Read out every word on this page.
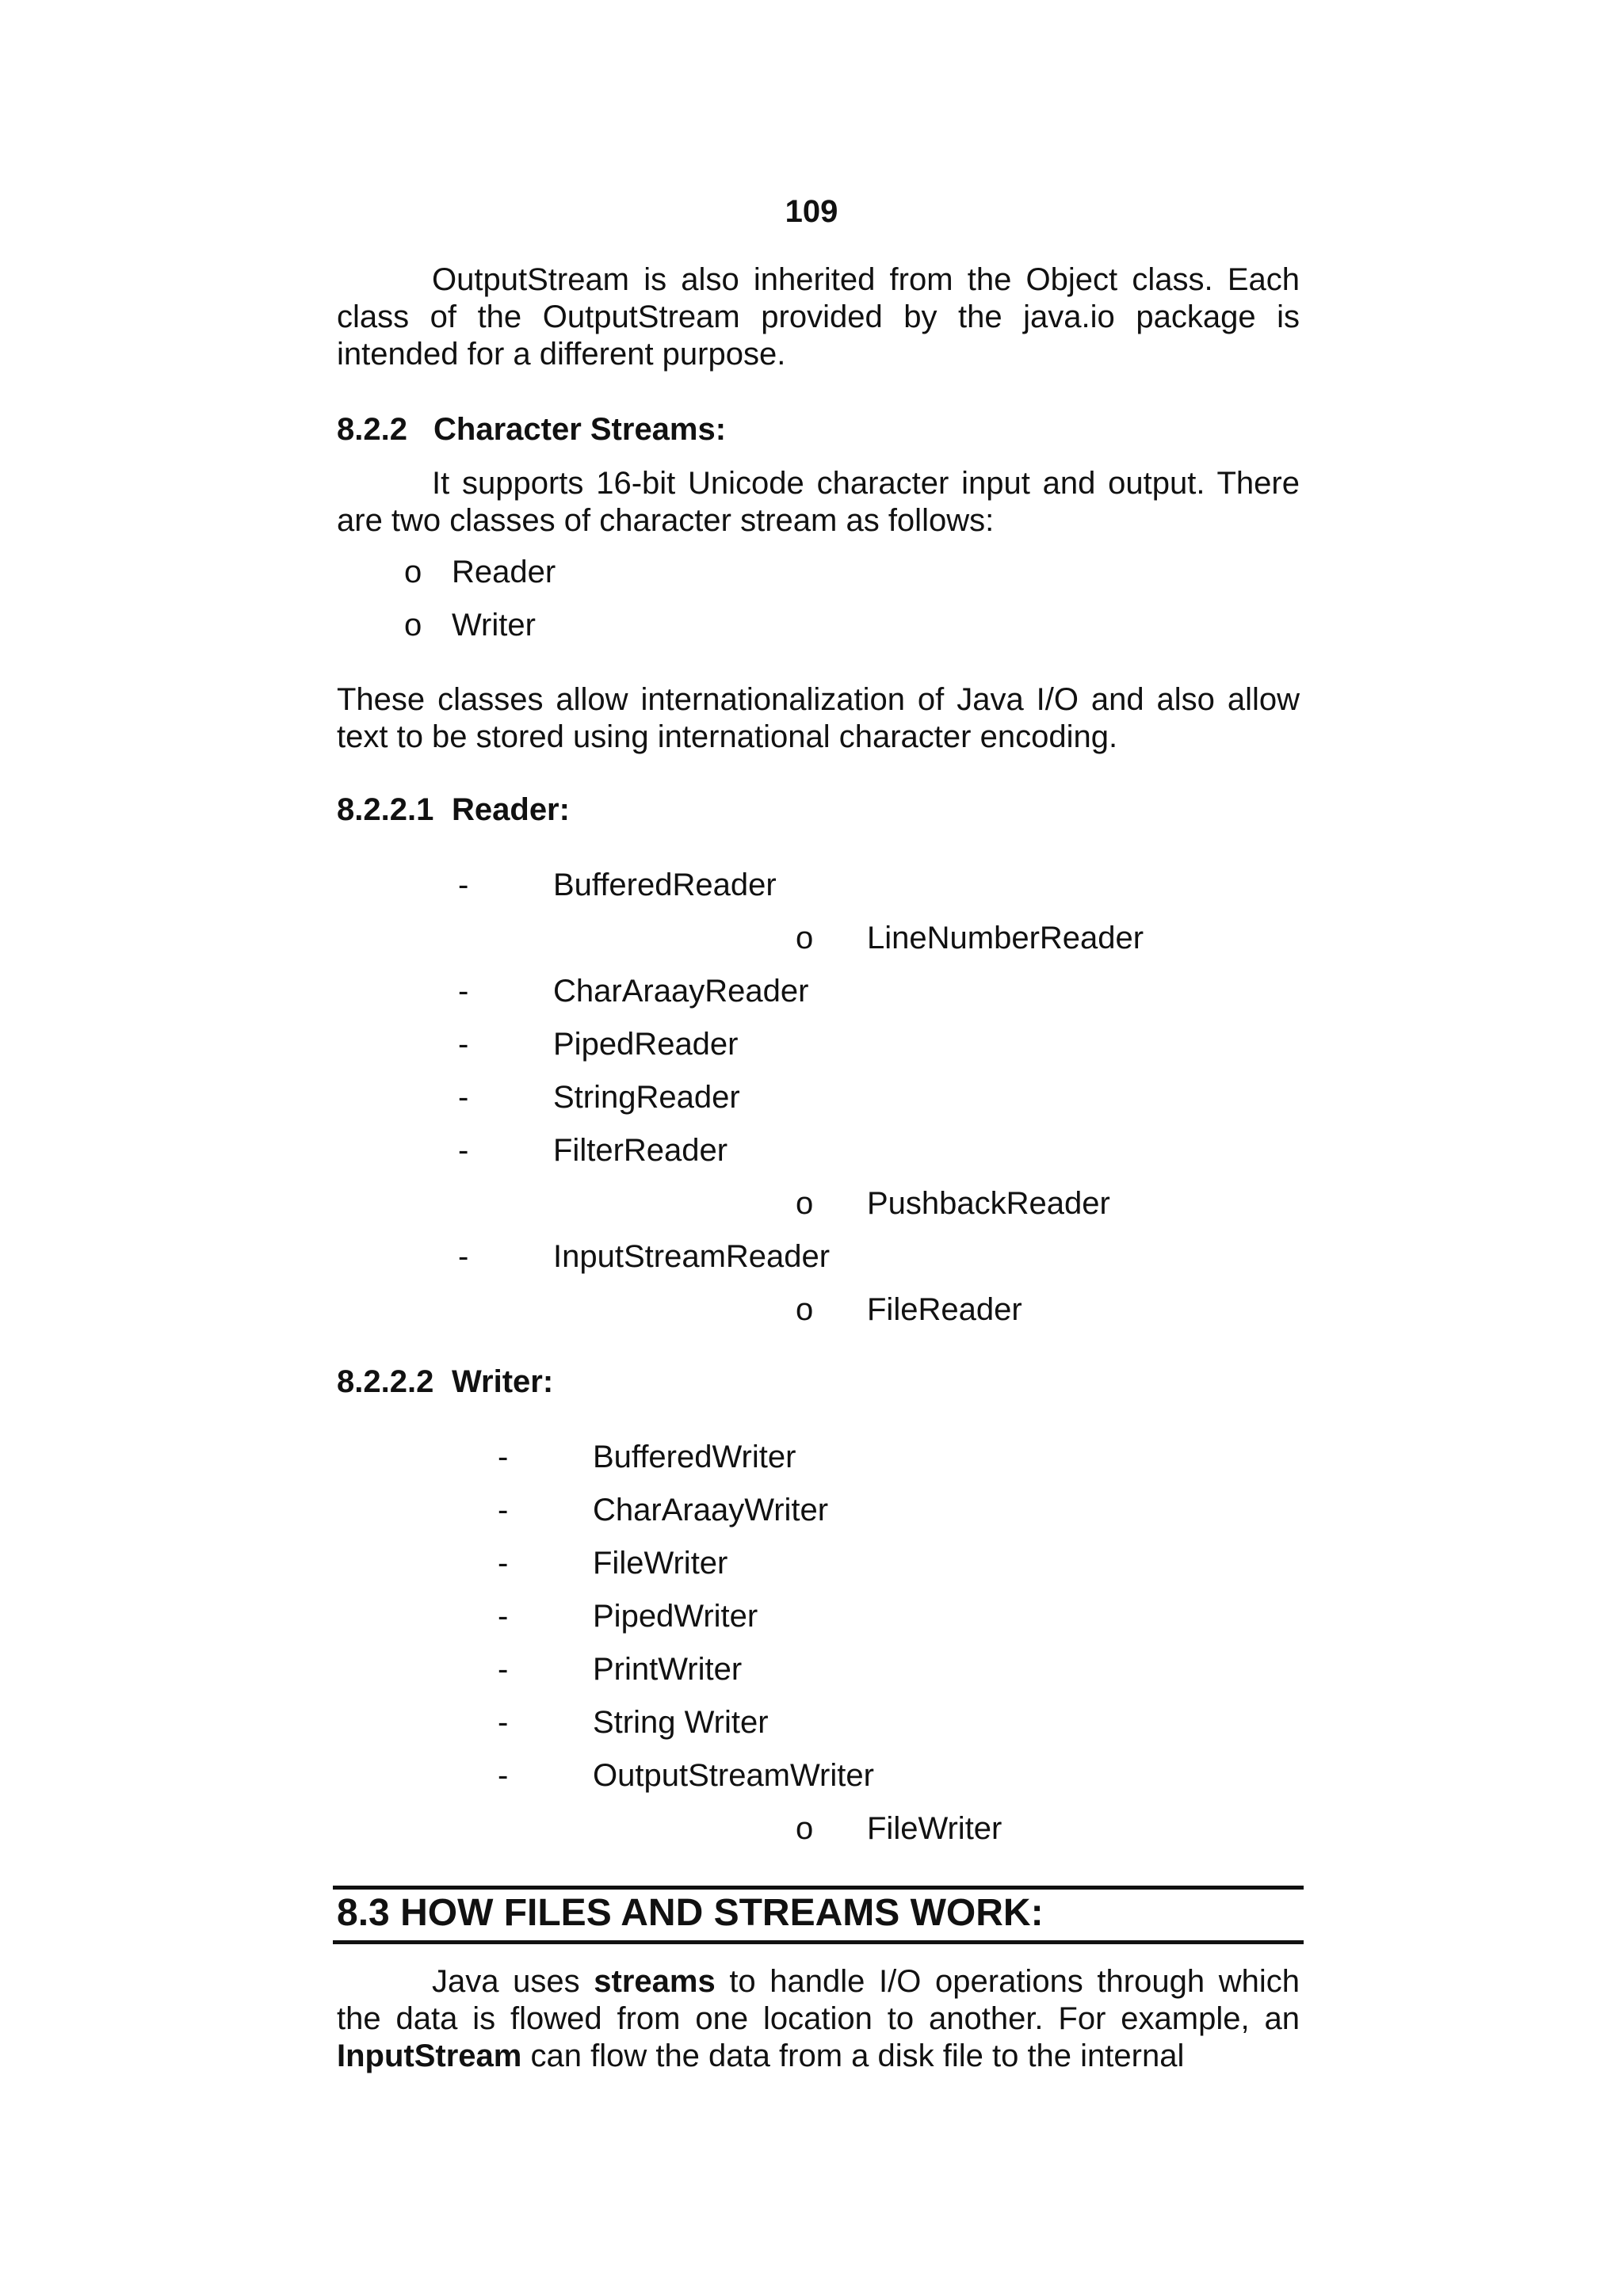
109

OutputStream is also inherited from the Object class. Each class of the OutputStream provided by the java.io package is intended for a different purpose.

8.2.2 Character Streams:

It supports 16-bit Unicode character input and output. There are two classes of character stream as follows:

o Reader
o Writer

These classes allow internationalization of Java I/O and also allow text to be stored using international character encoding.

8.2.2.1 Reader:
-	BufferedReader
o LineNumberReader
-	CharAraayReader
-	PipedReader
-	StringReader
-	FilterReader
o PushbackReader
-	InputStreamReader
o FileReader
8.2.2.2 Writer:
-	BufferedWriter
-	CharAraayWriter
-	FileWriter
-	PipedWriter
-	PrintWriter
-	String Writer
-	OutputStreamWriter
o FileWriter
8.3 HOW FILES AND STREAMS WORK:

Java uses streams to handle I/O operations through which the data is flowed from one location to another. For example, an InputStream can flow the data from a disk file to the internal
